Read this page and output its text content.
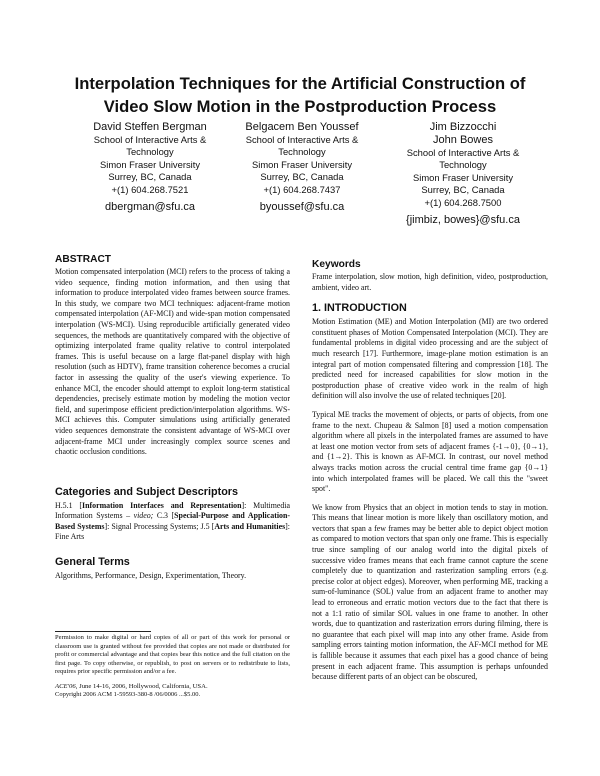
Interpolation Techniques for the Artificial Construction of
Video Slow Motion in the Postproduction Process
David Steffen Bergman
School of Interactive Arts &
Technology
Simon Fraser University
Surrey, BC, Canada
+(1) 604.268.7521
dbergman@sfu.ca
Belgacem Ben Youssef
School of Interactive Arts &
Technology
Simon Fraser University
Surrey, BC, Canada
+(1) 604.268.7437
byoussef@sfu.ca
Jim Bizzocchi
John Bowes
School of Interactive Arts &
Technology
Simon Fraser University
Surrey, BC, Canada
+(1) 604.268.7500
{jimbiz, bowes}@sfu.ca
ABSTRACT

Motion compensated interpolation (MCI) refers to the process of taking a video sequence, finding motion information, and then using that information to produce interpolated video frames between source frames. In this study, we compare two MCI techniques: adjacent-frame motion compensated interpolation (AF-MCI) and wide-span motion compensated interpolation (WS-MCI). Using reproducible artificially generated video sequences, the methods are quantitatively compared with the objective of optimizing interpolated frame quality relative to control interpolated frames. This is useful because on a large flat-panel display with high resolution (such as HDTV), frame transition coherence becomes a crucial factor in assessing the quality of the user's viewing experience. To enhance MCI, the encoder should attempt to exploit long-term statistical dependencies, precisely estimate motion by modeling the motion vector field, and superimpose efficient prediction/interpolation algorithms. WS-MCI achieves this. Computer simulations using artificially generated video sequences demonstrate the consistent advantage of WS-MCI over adjacent-frame MCI under increasingly complex source scenes and chaotic occlusion conditions.

Categories and Subject Descriptors

H.5.1 [Information Interfaces and Representation]: Multimedia Information Systems – video; C.3 [Special-Purpose and Application-Based Systems]: Signal Processing Systems; J.5 [Arts and Humanities]: Fine Arts

General Terms

Algorithms, Performance, Design, Experimentation, Theory.

Permission to make digital or hard copies of all or part of this work for personal or classroom use is granted without fee provided that copies are not made or distributed for profit or commercial advantage and that copies bear this notice and the full citation on the first page. To copy otherwise, or republish, to post on servers or to redistribute to lists, requires prior specific permission and/or a fee.

ACE'06, June 14-16, 2006, Hollywood, California, USA.

Copyright 2006 ACM 1-59593-380-8 /06/0006 ...$5.00.

Keywords

Frame interpolation, slow motion, high definition, video, postproduction, ambient, video art.

1. INTRODUCTION

Motion Estimation (ME) and Motion Interpolation (MI) are two ordered constituent phases of Motion Compensated Interpolation (MCI). They are fundamental problems in digital video processing and are the subject of much research [17]. Furthermore, image-plane motion estimation is an integral part of motion compensated filtering and compression [18]. The predicted need for increased capabilities for slow motion in the postproduction phase of creative video work in the realm of high definition will also involve the use of related techniques [20].

Typical ME tracks the movement of objects, or parts of objects, from one frame to the next. Chupeau & Salmon [8] used a motion compensation algorithm where all pixels in the interpolated frames are assumed to have at least one motion vector from sets of adjacent frames {-1→0}, {0→1}, and {1→2}. This is known as AF-MCI. In contrast, our novel method always tracks motion across the crucial central time frame gap {0→1} into which interpolated frames will be placed. We call this the "sweet spot".

We know from Physics that an object in motion tends to stay in motion. This means that linear motion is more likely than oscillatory motion, and vectors that span a few frames may be better able to depict object motion as compared to motion vectors that span only one frame. This is especially true since sampling of our analog world into the digital pixels of successive video frames means that each frame cannot capture the scene completely due to quantization and rasterization sampling errors (e.g. precise color at object edges). Moreover, when performing ME, tracking a sum-of-luminance (SOL) value from an adjacent frame to another may lead to erroneous and erratic motion vectors due to the fact that there is not a 1:1 ratio of similar SOL values in one frame to another. In other words, due to quantization and rasterization errors during filming, there is no guarantee that each pixel will map into any other frame. Aside from sampling errors tainting motion information, the AF-MCI method for ME is fallible because it assumes that each pixel has a good chance of being present in each adjacent frame. This assumption is perhaps unfounded because different parts of an object can be obscured,
